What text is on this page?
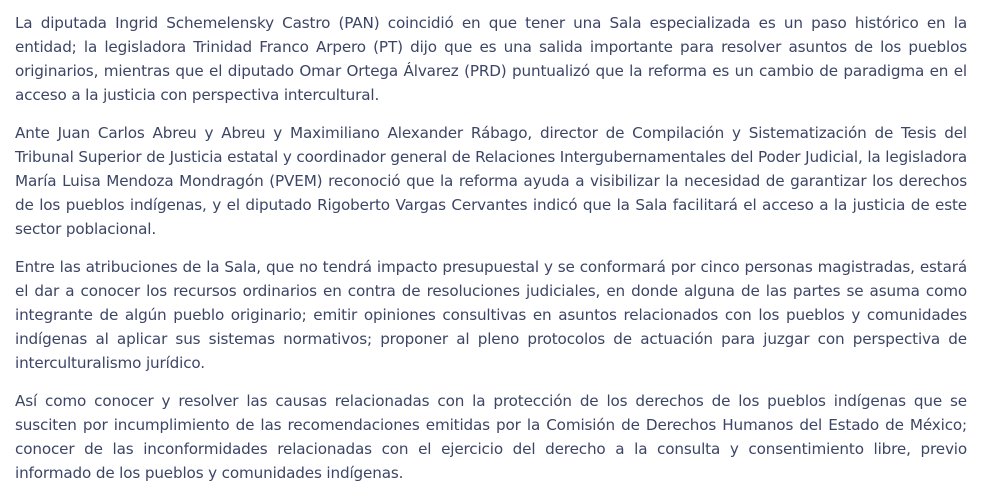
La diputada Ingrid Schemelensky Castro (PAN) coincidió en que tener una Sala especializada es un paso histórico en la entidad; la legisladora Trinidad Franco Arpero (PT) dijo que es una salida importante para resolver asuntos de los pueblos originarios, mientras que el diputado Omar Ortega Álvarez (PRD) puntualizó que la reforma es un cambio de paradigma en el acceso a la justicia con perspectiva intercultural.

Ante Juan Carlos Abreu y Abreu y Maximiliano Alexander Rábago, director de Compilación y Sistematización de Tesis del Tribunal Superior de Justicia estatal y coordinador general de Relaciones Intergubernamentales del Poder Judicial, la legisladora María Luisa Mendoza Mondragón (PVEM) reconoció que la reforma ayuda a visibilizar la necesidad de garantizar los derechos de los pueblos indígenas, y el diputado Rigoberto Vargas Cervantes indicó que la Sala facilitará el acceso a la justicia de este sector poblacional.

Entre las atribuciones de la Sala, que no tendrá impacto presupuestal y se conformará por cinco personas magistradas, estará el dar a conocer los recursos ordinarios en contra de resoluciones judiciales, en donde alguna de las partes se asuma como integrante de algún pueblo originario; emitir opiniones consultivas en asuntos relacionados con los pueblos y comunidades indígenas al aplicar sus sistemas normativos; proponer al pleno protocolos de actuación para juzgar con perspectiva de interculturalismo jurídico.

Así como conocer y resolver las causas relacionadas con la protección de los derechos de los pueblos indígenas que se susciten por incumplimiento de las recomendaciones emitidas por la Comisión de Derechos Humanos del Estado de México; conocer de las inconformidades relacionadas con el ejercicio del derecho a la consulta y consentimiento libre, previo informado de los pueblos y comunidades indígenas.
